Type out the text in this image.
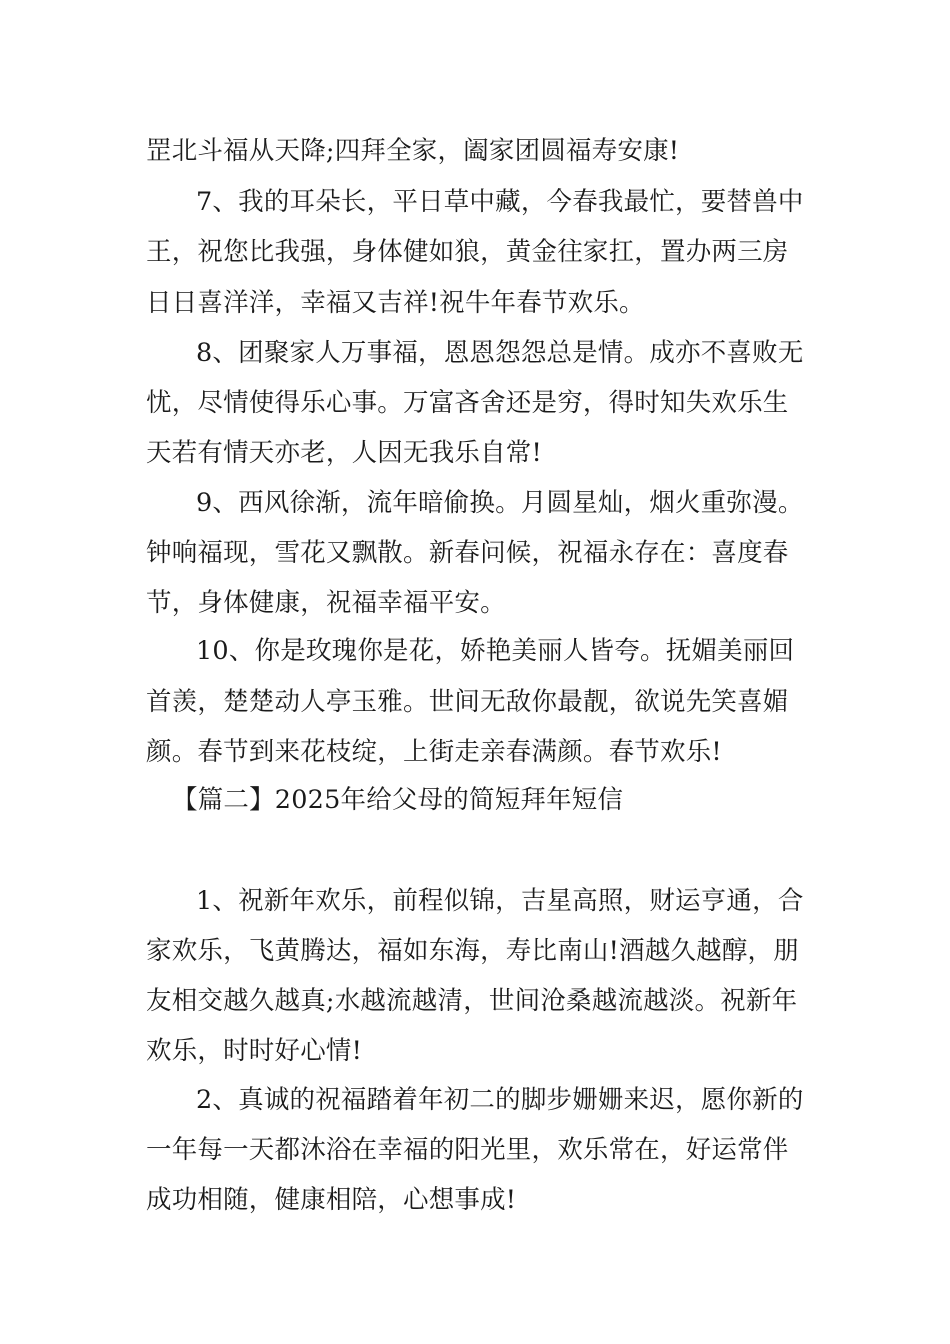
罡北斗福从天降;四拜全家，阖家团圆福寿安康!
7、我的耳朵长，平日草中藏，今春我最忙，要替兽中
王，祝您比我强，身体健如狼，黄金往家扛，置办两三房
日日喜洋洋，幸福又吉祥!祝牛年春节欢乐。
8、团聚家人万事福，恩恩怨怨总是情。成亦不喜败无
忧，尽情使得乐心事。万富吝舍还是穷，得时知失欢乐生
天若有情天亦老，人因无我乐自常!
9、西风徐渐，流年暗偷换。月圆星灿，烟火重弥漫。
钟响福现，雪花又飘散。新春问候，祝福永存在：喜度春
节，身体健康，祝福幸福平安。
10、你是玫瑰你是花，娇艳美丽人皆夸。抚媚美丽回
首羡，楚楚动人亭玉雅。世间无敌你最靓，欲说先笑喜媚
颜。春节到来花枝绽，上街走亲春满颜。春节欢乐!
【篇二】2025年给父母的简短拜年短信
1、祝新年欢乐，前程似锦，吉星高照，财运亨通，合
家欢乐，飞黄腾达，福如东海，寿比南山!酒越久越醇，朋
友相交越久越真;水越流越清，世间沧桑越流越淡。祝新年
欢乐，时时好心情!
2、真诚的祝福踏着年初二的脚步姗姗来迟，愿你新的
一年每一天都沐浴在幸福的阳光里，欢乐常在，好运常伴
成功相随，健康相陪，心想事成!
